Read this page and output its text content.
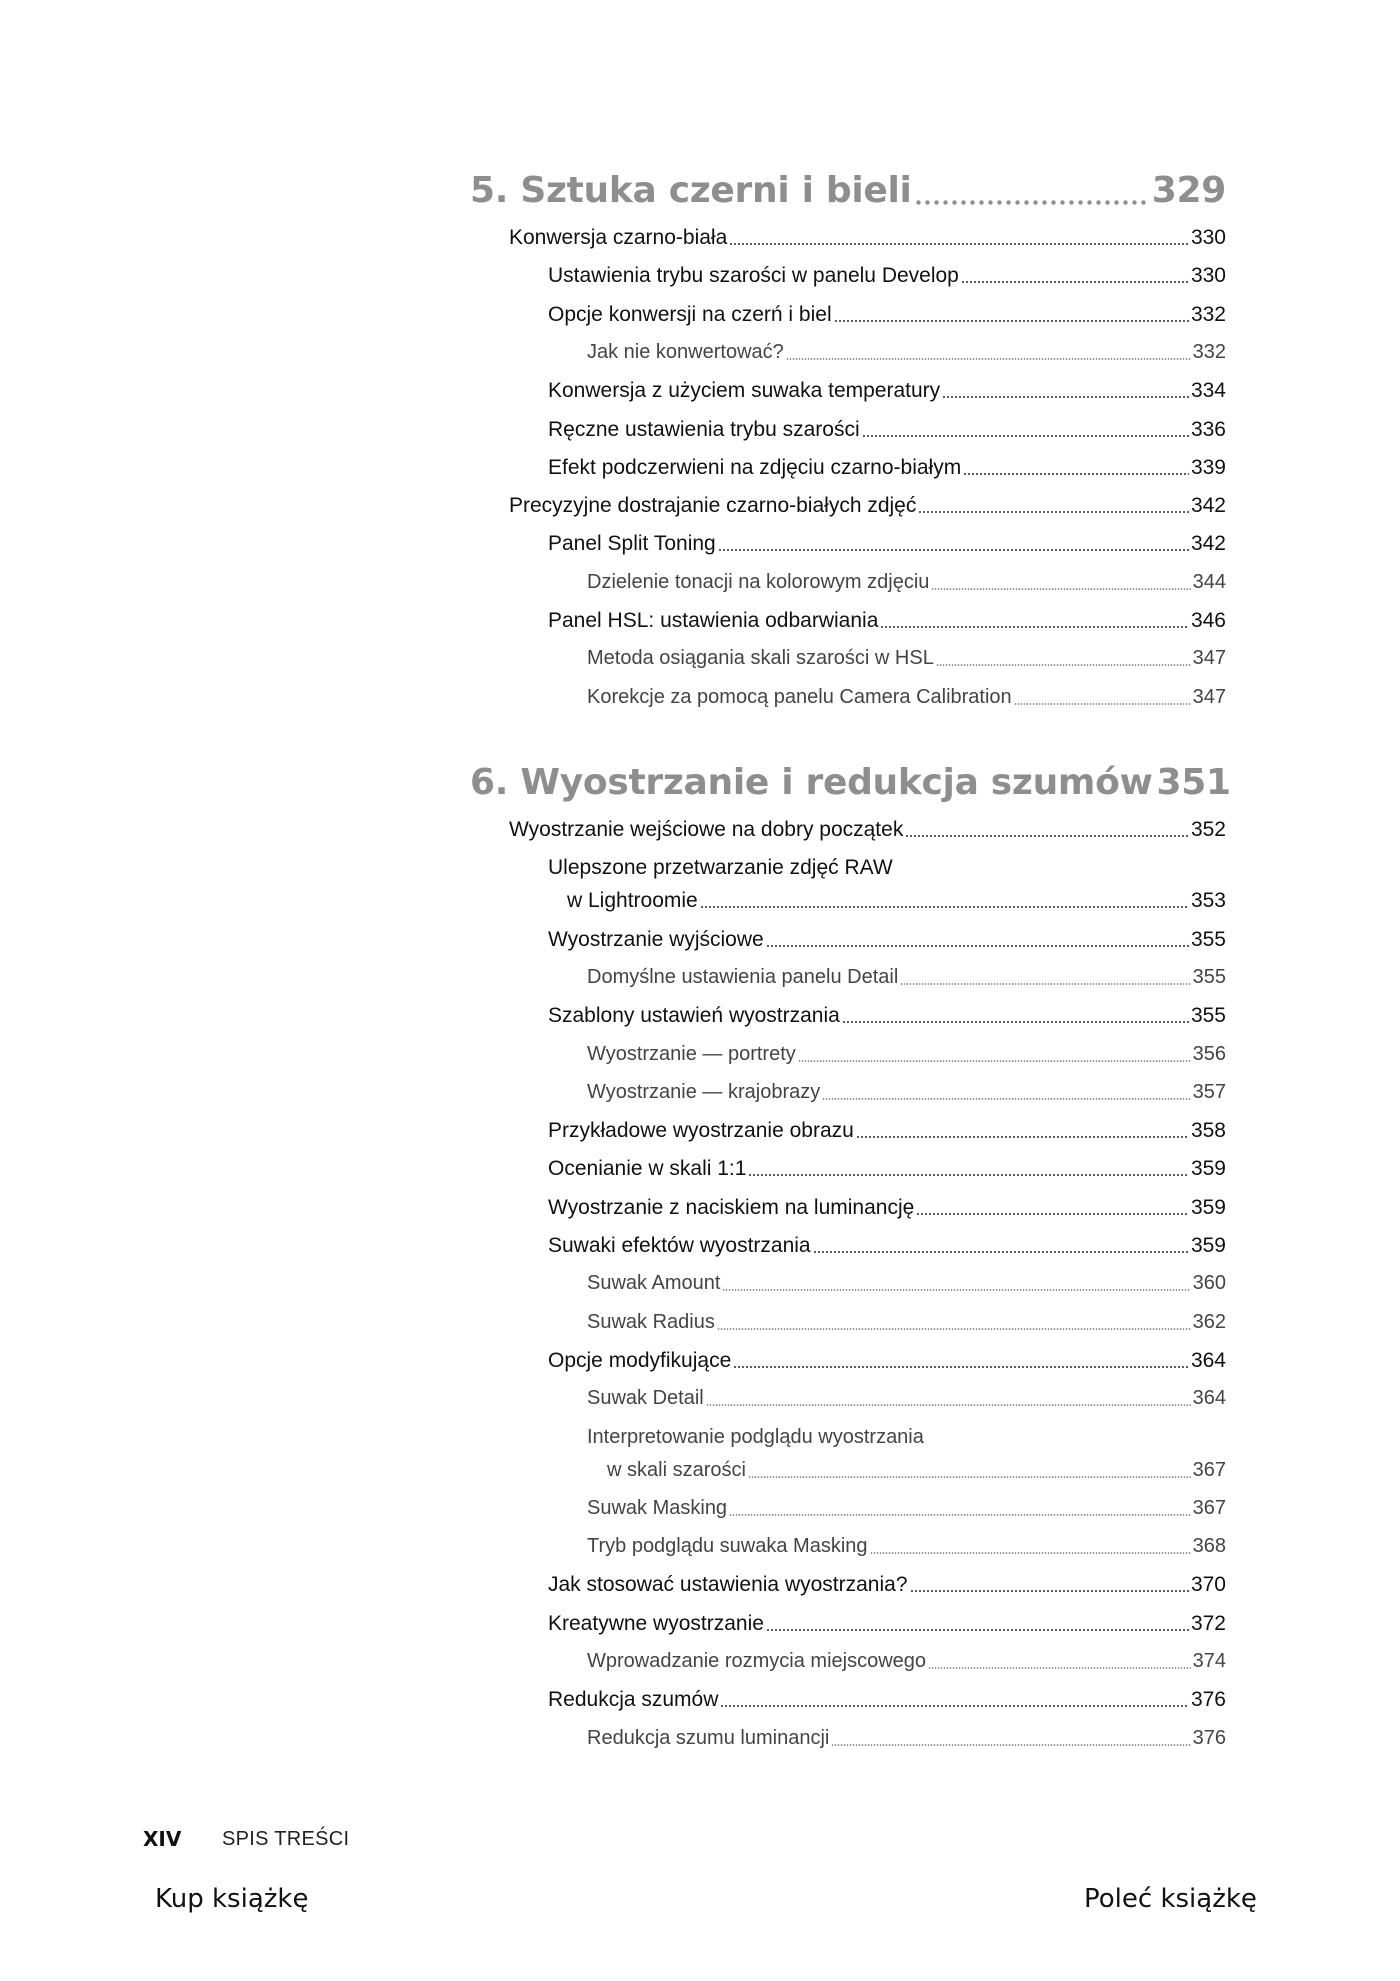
5. Sztuka czerni i bieli	329
Konwersja czarno-biała	330
Ustawienia trybu szarości w panelu Develop	330
Opcje konwersji na czerń i biel	332
Jak nie konwertować?	332
Konwersja z użyciem suwaka temperatury	334
Ręczne ustawienia trybu szarości	336
Efekt podczerwieni na zdjęciu czarno-białym	339
Precyzyjne dostrajanie czarno-białych zdjęć	342
Panel Split Toning	342
Dzielenie tonacji na kolorowym zdjęciu	344
Panel HSL: ustawienia odbarwiania	346
Metoda osiągania skali szarości w HSL	347
Korekcje za pomocą panelu Camera Calibration	347
6. Wyostrzanie i redukcja szumów 351
Wyostrzanie wejściowe na dobry początek	352
Ulepszone przetwarzanie zdjęć RAW
w Lightroomie	353
Wyostrzanie wyjściowe	355
Domyślne ustawienia panelu Detail	355
Szablony ustawień wyostrzania	355
Wyostrzanie — portrety	356
Wyostrzanie — krajobrazy	357
Przykładowe wyostrzanie obrazu	358
Ocenianie w skali 1:1	359
Wyostrzanie z naciskiem na luminancję	359
Suwaki efektów wyostrzania	359
Suwak Amount	360
Suwak Radius	362
Opcje modyfikujące	364
Suwak Detail	364
Interpretowanie podglądu wyostrzania
w skali szarości	367
Suwak Masking	367
Tryb podglądu suwaka Masking	368
Jak stosować ustawienia wyostrzania?	370
Kreatywne wyostrzanie	372
Wprowadzanie rozmycia miejscowego	374
Redukcja szumów	376
Redukcja szumu luminancji	376
XIV SPIS TREŚCI
Kup książkę	Poleć książkę
